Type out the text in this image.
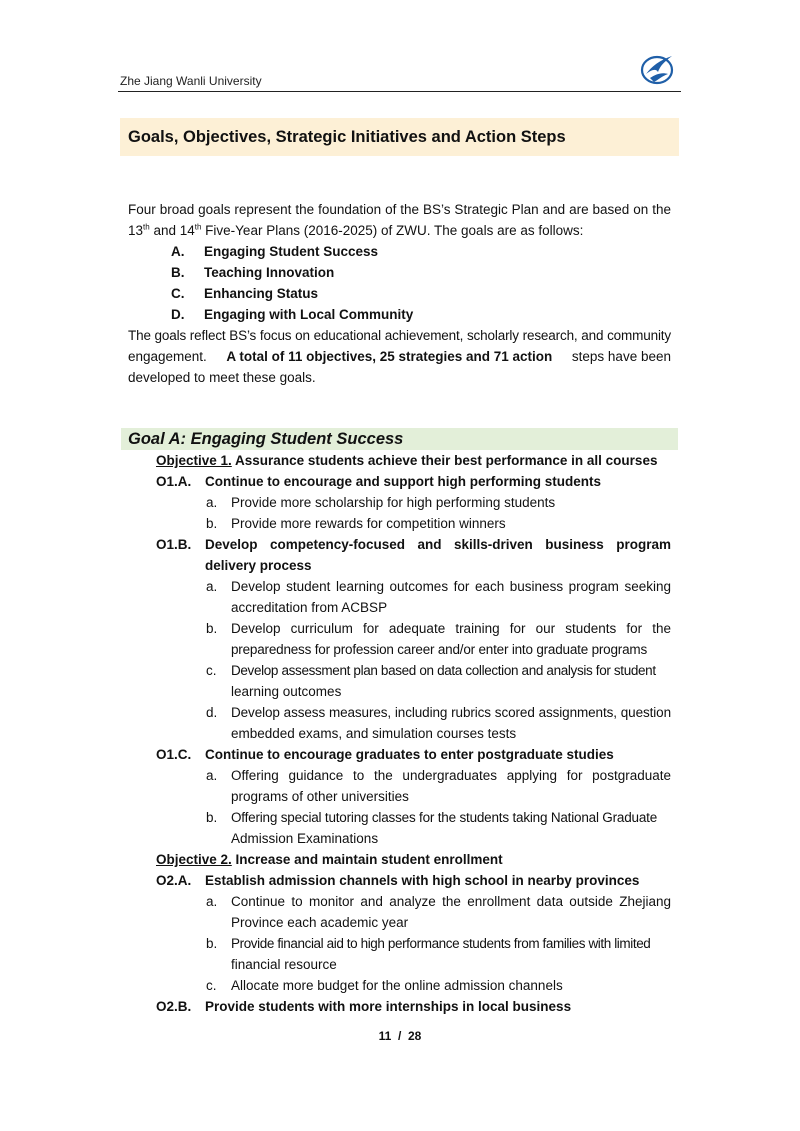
Zhe Jiang Wanli University
Goals, Objectives, Strategic Initiatives and Action Steps
Four broad goals represent the foundation of the BS’s Strategic Plan and are based on the
13th and 14th Five-Year Plans (2016-2025) of ZWU. The goals are as follows:
A. Engaging Student Success
B. Teaching Innovation
C. Enhancing Status
D. Engaging with Local Community
The goals reflect BS’s focus on educational achievement, scholarly research, and community
engagement. A total of 11 objectives, 25 strategies and 71 action steps have been
developed to meet these goals.
Goal A: Engaging Student Success
Objective 1. Assurance students achieve their best performance in all courses
O1.A. Continue to encourage and support high performing students
a. Provide more scholarship for high performing students
b. Provide more rewards for competition winners
O1.B. Develop competency-focused and skills-driven business program
delivery process
a. Develop student learning outcomes for each business program seeking
accreditation from ACBSP
b. Develop curriculum for adequate training for our students for the
preparedness for profession career and/or enter into graduate programs
c. Develop assessment plan based on data collection and analysis for student
learning outcomes
d. Develop assess measures, including rubrics scored assignments, question
embedded exams, and simulation courses tests
O1.C. Continue to encourage graduates to enter postgraduate studies
a. Offering guidance to the undergraduates applying for postgraduate
programs of other universities
b. Offering special tutoring classes for the students taking National Graduate
Admission Examinations
Objective 2. Increase and maintain student enrollment
O2.A. Establish admission channels with high school in nearby provinces
a. Continue to monitor and analyze the enrollment data outside Zhejiang
Province each academic year
b. Provide financial aid to high performance students from families with limited
financial resource
c. Allocate more budget for the online admission channels
O2.B. Provide students with more internships in local business
11 / 28
